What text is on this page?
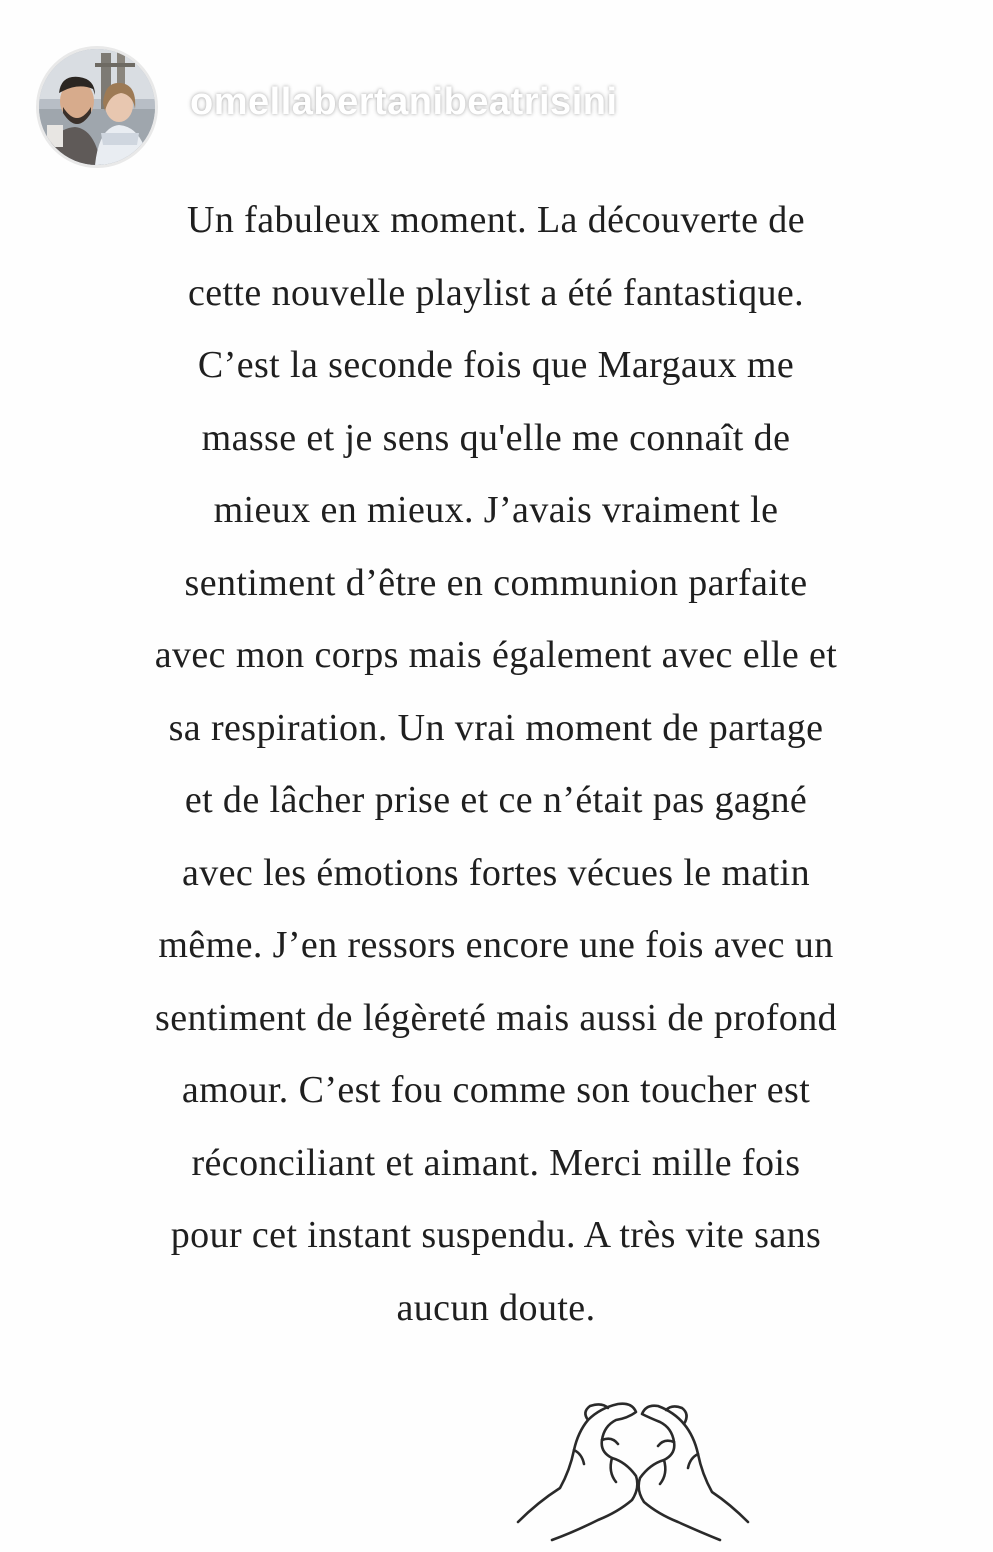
omellabertanibeatrisini
Un fabuleux moment. La découverte de
cette nouvelle playlist a été fantastique.
C’est la seconde fois que Margaux me
masse et je sens qu'elle me connaît de
mieux en mieux. J’avais vraiment le
sentiment d’être en communion parfaite
avec mon corps mais également avec elle et
sa respiration. Un vrai moment de partage
et de lâcher prise et ce n’était pas gagné
avec les émotions fortes vécues le matin
même. J’en ressors encore une fois avec un
sentiment de légèreté mais aussi de profond
amour. C’est fou comme son toucher est
réconciliant et aimant. Merci mille fois
pour cet instant suspendu. A très vite sans
aucun doute.
